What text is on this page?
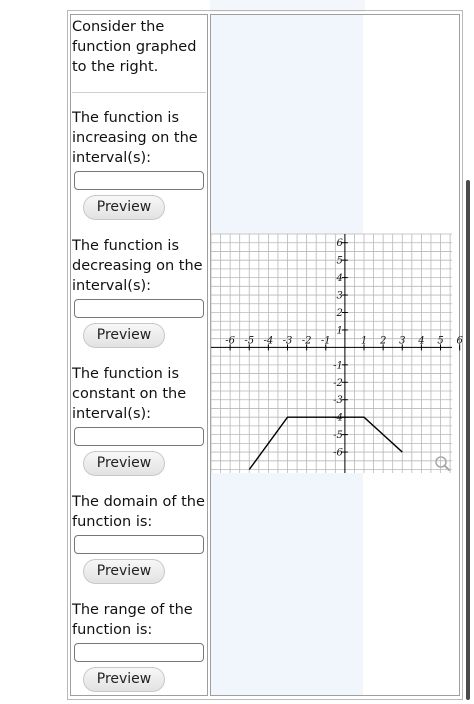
Consider the function graphed to the right.
The function is increasing on the interval(s):
Preview
The function is decreasing on the interval(s):
Preview
The function is constant on the interval(s):
Preview
The domain of the function is:
Preview
The range of the function is:
Preview
-6 -5 -4 -3 -2 -1	1 2 3 4 5 6
6
5
4
3
2
1
-1
-2
-3
-4
-5
-6
